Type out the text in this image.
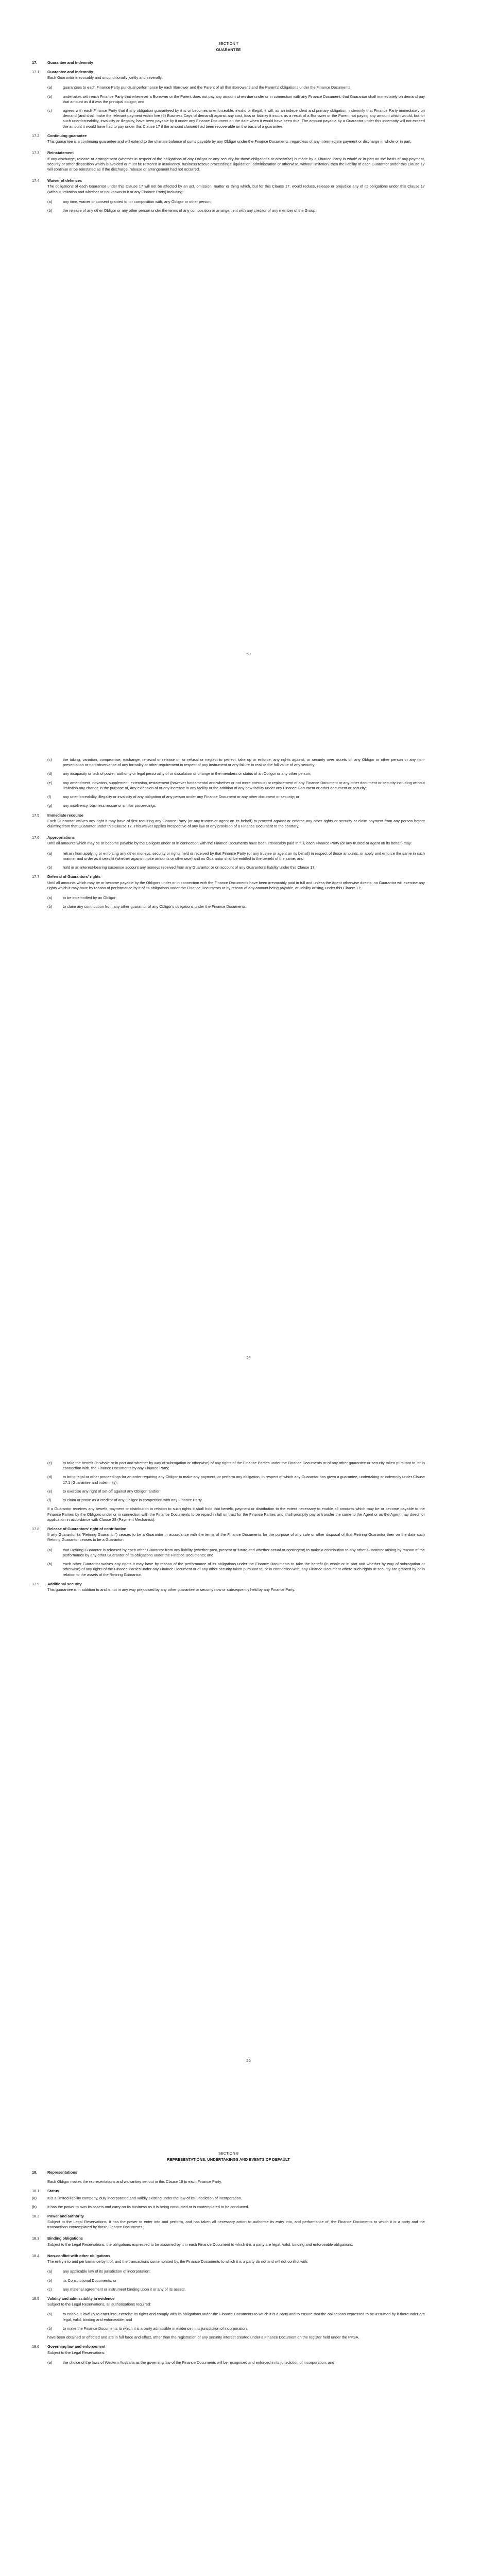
SECTION 7
GUARANTEE
17.	Guarantee and Indemnity
17.1	Guarantee and indemnity
Each Guarantor irrevocably and unconditionally jointly and severally:
(a)	guarantees to each Finance Party punctual performance by each Borrower and the Parent of all that Borrower's and the Parent's obligations under the Finance Documents;
(b)	undertakes with each Finance Party that whenever a Borrower or the Parent does not pay any amount when due under or in connection with any Finance Document, that Guarantor shall immediately on demand pay that amount as if it was the principal obligor; and
(c)	agrees with each Finance Party that if any obligation guaranteed by it is or becomes unenforceable, invalid or illegal, it will, as an independent and primary obligation, indemnify that Finance Party immediately on demand (and shall make the relevant payment within five (5) Business Days of demand) against any cost, loss or liability it incurs as a result of a Borrower or the Parent not paying any amount which would, but for such unenforceability, invalidity or illegality, have been payable by it under any Finance Document on the date when it would have been due. The amount payable by a Guarantor under this indemnity will not exceed the amount it would have had to pay under this Clause 17 if the amount claimed had been recoverable on the basis of a guarantee.
17.2	Continuing guarantee
This guarantee is a continuing guarantee and will extend to the ultimate balance of sums payable by any Obligor under the Finance Documents, regardless of any intermediate payment or discharge in whole or in part.
17.3	Reinstatement
If any discharge, release or arrangement (whether in respect of the obligations of any Obligor or any security for those obligations or otherwise) is made by a Finance Party in whole or in part on the basis of any payment, security or other disposition which is avoided or must be restored in insolvency, business rescue proceedings, liquidation, administration or otherwise, without limitation, then the liability of each Guarantor under this Clause 17 will continue or be reinstated as if the discharge, release or arrangement had not occurred.
17.4	Waiver of defences
The obligations of each Guarantor under this Clause 17 will not be affected by an act, omission, matter or thing which, but for this Clause 17, would reduce, release or prejudice any of its obligations under this Clause 17 (without limitation and whether or not known to it or any Finance Party) including:
(a)	any time, waiver or consent granted to, or composition with, any Obligor or other person;
(b)	the release of any other Obligor or any other person under the terms of any composition or arrangement with any creditor of any member of the Group;
53
(c)	the taking, variation, compromise, exchange, renewal or release of, or refusal or neglect to perfect, take up or enforce, any rights against, or security over assets of, any Obligor or other person or any non-presentation or non-observance of any formality or other requirement in respect of any instrument or any failure to realise the full value of any security;
(d)	any incapacity or lack of power, authority or legal personality of or dissolution or change in the members or status of an Obligor or any other person;
(e)	any amendment, novation, supplement, extension, restatement (however fundamental and whether or not more onerous) or replacement of any Finance Document or any other document or security including without limitation any change in the purpose of, any extension of or any increase in any facility or the addition of any new facility under any Finance Document or other document or security;
(f)	any unenforceability, illegality or invalidity of any obligation of any person under any Finance Document or any other document or security; or
(g)	any insolvency, business rescue or similar proceedings.
17.5	Immediate recourse
Each Guarantor waives any right it may have of first requiring any Finance Party (or any trustee or agent on its behalf) to proceed against or enforce any other rights or security or claim payment from any person before claiming from that Guarantor under this Clause 17. This waiver applies irrespective of any law or any provision of a Finance Document to the contrary.
17.6	Appropriations
Until all amounts which may be or become payable by the Obligors under or in connection with the Finance Documents have been irrevocably paid in full, each Finance Party (or any trustee or agent on its behalf) may:
(a)	refrain from applying or enforcing any other moneys, security or rights held or received by that Finance Party (or any trustee or agent on its behalf) in respect of those amounts, or apply and enforce the same in such manner and order as it sees fit (whether against those amounts or otherwise) and no Guarantor shall be entitled to the benefit of the same; and
(b)	hold in an interest-bearing suspense account any moneys received from any Guarantor or on account of any Guarantor's liability under this Clause 17.
17.7	Deferral of Guarantors' rights
Until all amounts which may be or become payable by the Obligors under or in connection with the Finance Documents have been irrevocably paid in full and unless the Agent otherwise directs, no Guarantor will exercise any rights which it may have by reason of performance by it of its obligations under the Finance Documents or by reason of any amount being payable, or liability arising, under this Clause 17:
(a)	to be indemnified by an Obligor;
(b)	to claim any contribution from any other guarantor of any Obligor's obligations under the Finance Documents;
54
(c)	to take the benefit (in whole or in part and whether by way of subrogation or otherwise) of any rights of the Finance Parties under the Finance Documents or of any other guarantee or security taken pursuant to, or in connection with, the Finance Documents by any Finance Party;
(d)	to bring legal or other proceedings for an order requiring any Obligor to make any payment, or perform any obligation, in respect of which any Guarantor has given a guarantee, undertaking or indemnity under Clause 17.1 (Guarantee and indemnity);
(e)	to exercise any right of set-off against any Obligor; and/or
(f)	to claim or prove as a creditor of any Obligor in competition with any Finance Party.
If a Guarantor receives any benefit, payment or distribution in relation to such rights it shall hold that benefit, payment or distribution to the extent necessary to enable all amounts which may be or become payable to the Finance Parties by the Obligors under or in connection with the Finance Documents to be repaid in full on trust for the Finance Parties and shall promptly pay or transfer the same to the Agent or as the Agent may direct for application in accordance with Clause 28 (Payment Mechanics).
17.8	Release of Guarantors' right of contribution
If any Guarantor (a "Retiring Guarantor") ceases to be a Guarantor in accordance with the terms of the Finance Documents for the purpose of any sale or other disposal of that Retiring Guarantor then on the date such Retiring Guarantor ceases to be a Guarantor:
(a)	that Retiring Guarantor is released by each other Guarantor from any liability (whether past, present or future and whether actual or contingent) to make a contribution to any other Guarantor arising by reason of the performance by any other Guarantor of its obligations under the Finance Documents; and
(b)	each other Guarantor waives any rights it may have by reason of the performance of its obligations under the Finance Documents to take the benefit (in whole or in part and whether by way of subrogation or otherwise) of any rights of the Finance Parties under any Finance Document or of any other security taken pursuant to, or in connection with, any Finance Document where such rights or security are granted by or in relation to the assets of the Retiring Guarantor.
17.9	Additional security
This guarantee is in addition to and is not in any way prejudiced by any other guarantee or security now or subsequently held by any Finance Party.
55
SECTION 8
REPRESENTATIONS, UNDERTAKINGS AND EVENTS OF DEFAULT
18.	Representations
Each Obligor makes the representations and warranties set out in this Clause 18 to each Finance Party.
18.1	Status
(a)	It is a limited liability company, duly incorporated and validly existing under the law of its jurisdiction of incorporation.
(b)	It has the power to own its assets and carry on its business as it is being conducted or is contemplated to be conducted.
18.2	Power and authority
Subject to the Legal Reservations, it has the power to enter into and perform, and has taken all necessary action to authorise its entry into, and performance of, the Finance Documents to which it is a party and the transactions contemplated by those Finance Documents.
18.3	Binding obligations
Subject to the Legal Reservations, the obligations expressed to be assumed by it in each Finance Document to which it is a party are legal, valid, binding and enforceable obligations.
18.4	Non-conflict with other obligations
The entry into and performance by it of, and the transactions contemplated by, the Finance Documents to which it is a party do not and will not conflict with:
(a)	any applicable law of its jurisdiction of incorporation;
(b)	its Constitutional Documents; or
(c)	any material agreement or instrument binding upon it or any of its assets.
18.5	Validity and admissibility in evidence
Subject to the Legal Reservations, all authorisations required:
(a)	to enable it lawfully to enter into, exercise its rights and comply with its obligations under the Finance Documents to which it is a party and to ensure that the obligations expressed to be assumed by it thereunder are legal, valid, binding and enforceable; and
(b)	to make the Finance Documents to which it is a party admissible in evidence in its jurisdiction of incorporation,
have been obtained or effected and are in full force and effect, other than the registration of any security interest created under a Finance Document on the register held under the PPSA.
18.6	Governing law and enforcement
Subject to the Legal Reservations:
(a)	the choice of the laws of Western Australia as the governing law of the Finance Documents will be recognised and enforced in its jurisdiction of incorporation; and
